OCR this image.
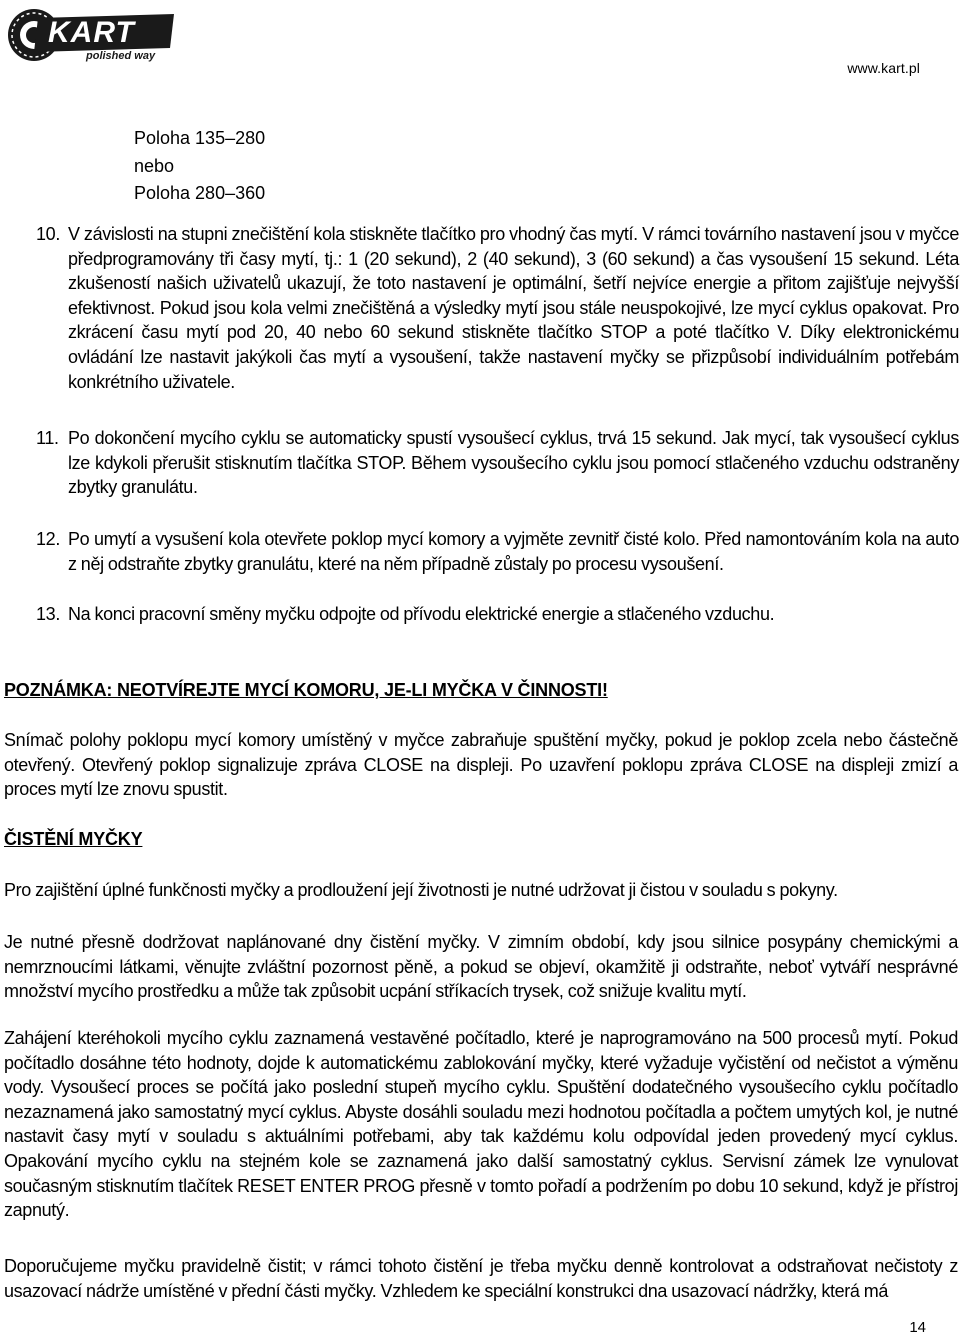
KART
polished way
www.kart.pl
Poloha 135–280
nebo
Poloha 280–360
10. V závislosti na stupni znečištění kola stiskněte tlačítko pro vhodný čas mytí. V rámci továrního nastavení jsou v myčce předprogramovány tři časy mytí, tj.: 1 (20 sekund), 2 (40 sekund), 3 (60 sekund) a čas vysoušení 15 sekund. Léta zkušeností našich uživatelů ukazují, že toto nastavení je optimální, šetří nejvíce energie a přitom zajišťuje nejvyšší efektivnost. Pokud jsou kola velmi znečištěná a výsledky mytí jsou stále neuspokojivé, lze mycí cyklus opakovat. Pro zkrácení času mytí pod 20, 40 nebo 60 sekund stiskněte tlačítko STOP a poté tlačítko V. Díky elektronickému ovládání lze nastavit jakýkoli čas mytí a vysoušení, takže nastavení myčky se přizpůsobí individuálním potřebám konkrétního uživatele.
11. Po dokončení mycího cyklu se automaticky spustí vysoušecí cyklus, trvá 15 sekund. Jak mycí, tak vysoušecí cyklus lze kdykoli přerušit stisknutím tlačítka STOP. Během vysoušecího cyklu jsou pomocí stlačeného vzduchu odstraněny zbytky granulátu.
12. Po umytí a vysušení kola otevřete poklop mycí komory a vyjměte zevnitř čisté kolo. Před namontováním kola na auto z něj odstraňte zbytky granulátu, které na něm případně zůstaly po procesu vysoušení.
13. Na konci pracovní směny myčku odpojte od přívodu elektrické energie a stlačeného vzduchu.
POZNÁMKA: NEOTVÍREJTE MYCÍ KOMORU, JE-LI MYČKA V ČINNOSTI!
Snímač polohy poklopu mycí komory umístěný v myčce zabraňuje spuštění myčky, pokud je poklop zcela nebo částečně otevřený. Otevřený poklop signalizuje zpráva CLOSE na displeji. Po uzavření poklopu zpráva CLOSE na displeji zmizí a proces mytí lze znovu spustit.
ČISTĚNÍ MYČKY
Pro zajištění úplné funkčnosti myčky a prodloužení její životnosti je nutné udržovat ji čistou v souladu s pokyny.
Je nutné přesně dodržovat naplánované dny čistění myčky. V zimním období, kdy jsou silnice posypány chemickými a nemrznoucími látkami, věnujte zvláštní pozornost pěně, a pokud se objeví, okamžitě ji odstraňte, neboť vytváří nesprávné množství mycího prostředku a může tak způsobit ucpání stříkacích trysek, což snižuje kvalitu mytí.
Zahájení kteréhokoli mycího cyklu zaznamená vestavěné počítadlo, které je naprogramováno na 500 procesů mytí. Pokud počítadlo dosáhne této hodnoty, dojde k automatickému zablokování myčky, které vyžaduje vyčistění od nečistot a výměnu vody. Vysoušecí proces se počítá jako poslední stupeň mycího cyklu. Spuštění dodatečného vysoušecího cyklu počítadlo nezaznamená jako samostatný mycí cyklus. Abyste dosáhli souladu mezi hodnotou počítadla a počtem umytých kol, je nutné nastavit časy mytí v souladu s aktuálními potřebami, aby tak každému kolu odpovídal jeden provedený mycí cyklus. Opakování mycího cyklu na stejném kole se zaznamená jako další samostatný cyklus. Servisní zámek lze vynulovat současným stisknutím tlačítek RESET ENTER PROG přesně v tomto pořadí a podržením po dobu 10 sekund, když je přístroj zapnutý.
Doporučujeme myčku pravidelně čistit; v rámci tohoto čistění je třeba myčku denně kontrolovat a odstraňovat nečistoty z usazovací nádrže umístěné v přední části myčky. Vzhledem ke speciální konstrukci dna usazovací nádržky, která má
14
